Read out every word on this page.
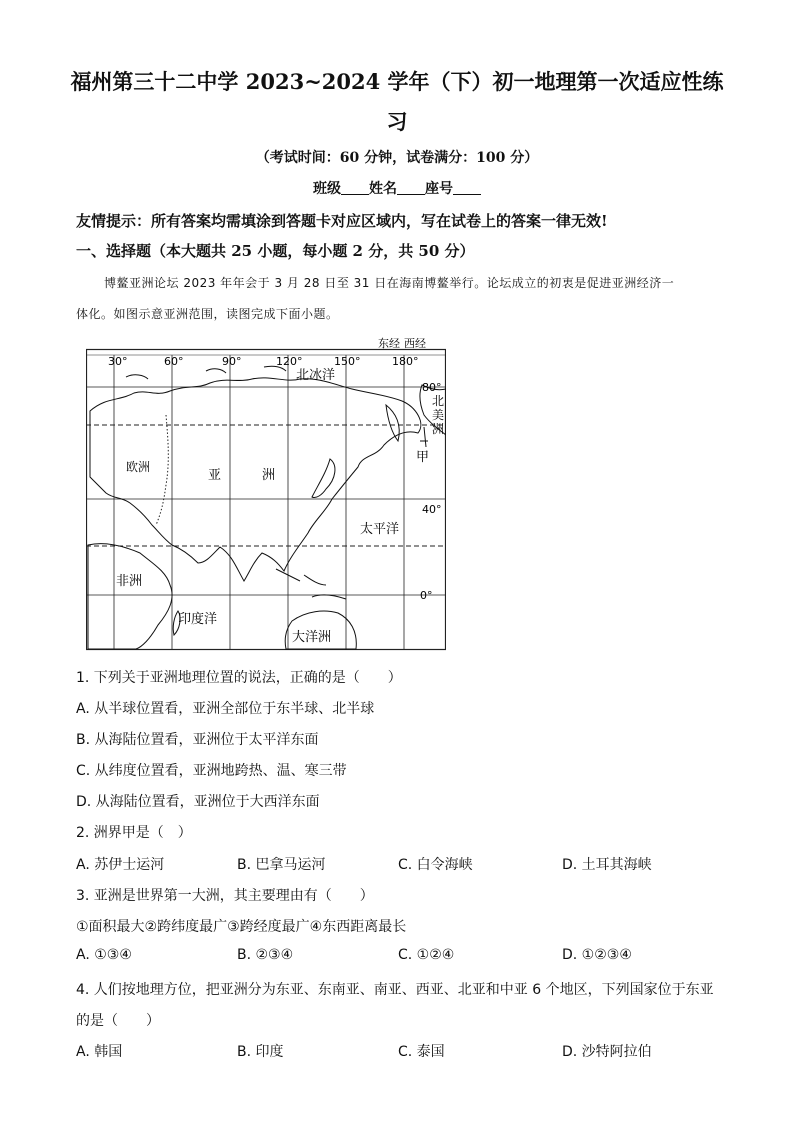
福州第三十二中学 2023~2024 学年（下）初一地理第一次适应性练
习
（考试时间：60 分钟，试卷满分：100 分）
班级 姓名 座号
友情提示：所有答案均需填涂到答题卡对应区域内，写在试卷上的答案一律无效!
一、选择题（本大题共 25 小题，每小题 2 分，共 50 分）
博鳌亚洲论坛 2023 年年会于 3 月 28 日至 31 日在海南博鳌举行。论坛成立的初衷是促进亚洲经济一
体化。如图示意亚洲范围，读图完成下面小题。
东经 西经
30°	60°	90°	120°	150°	180°
80°
40°
0°
北冰洋
欧洲
亚	洲
太平洋
非洲
印度洋
大洋洲
北
美
洲
甲
1. 下列关于亚洲地理位置的说法，正确的是（　　）
A. 从半球位置看，亚洲全部位于东半球、北半球
B. 从海陆位置看，亚洲位于太平洋东面
C. 从纬度位置看，亚洲地跨热、温、寒三带
D. 从海陆位置看，亚洲位于大西洋东面
2. 洲界甲是（　）
A. 苏伊士运河	B. 巴拿马运河	C. 白令海峡	D. 土耳其海峡
3. 亚洲是世界第一大洲，其主要理由有（　　）
①面积最大②跨纬度最广③跨经度最广④东西距离最长
A. ①③④	B. ②③④	C. ①②④	D. ①②③④
4. 人们按地理方位，把亚洲分为东亚、东南亚、南亚、西亚、北亚和中亚 6 个地区，下列国家位于东亚
的是（　　）
A. 韩国	B. 印度	C. 泰国	D. 沙特阿拉伯
